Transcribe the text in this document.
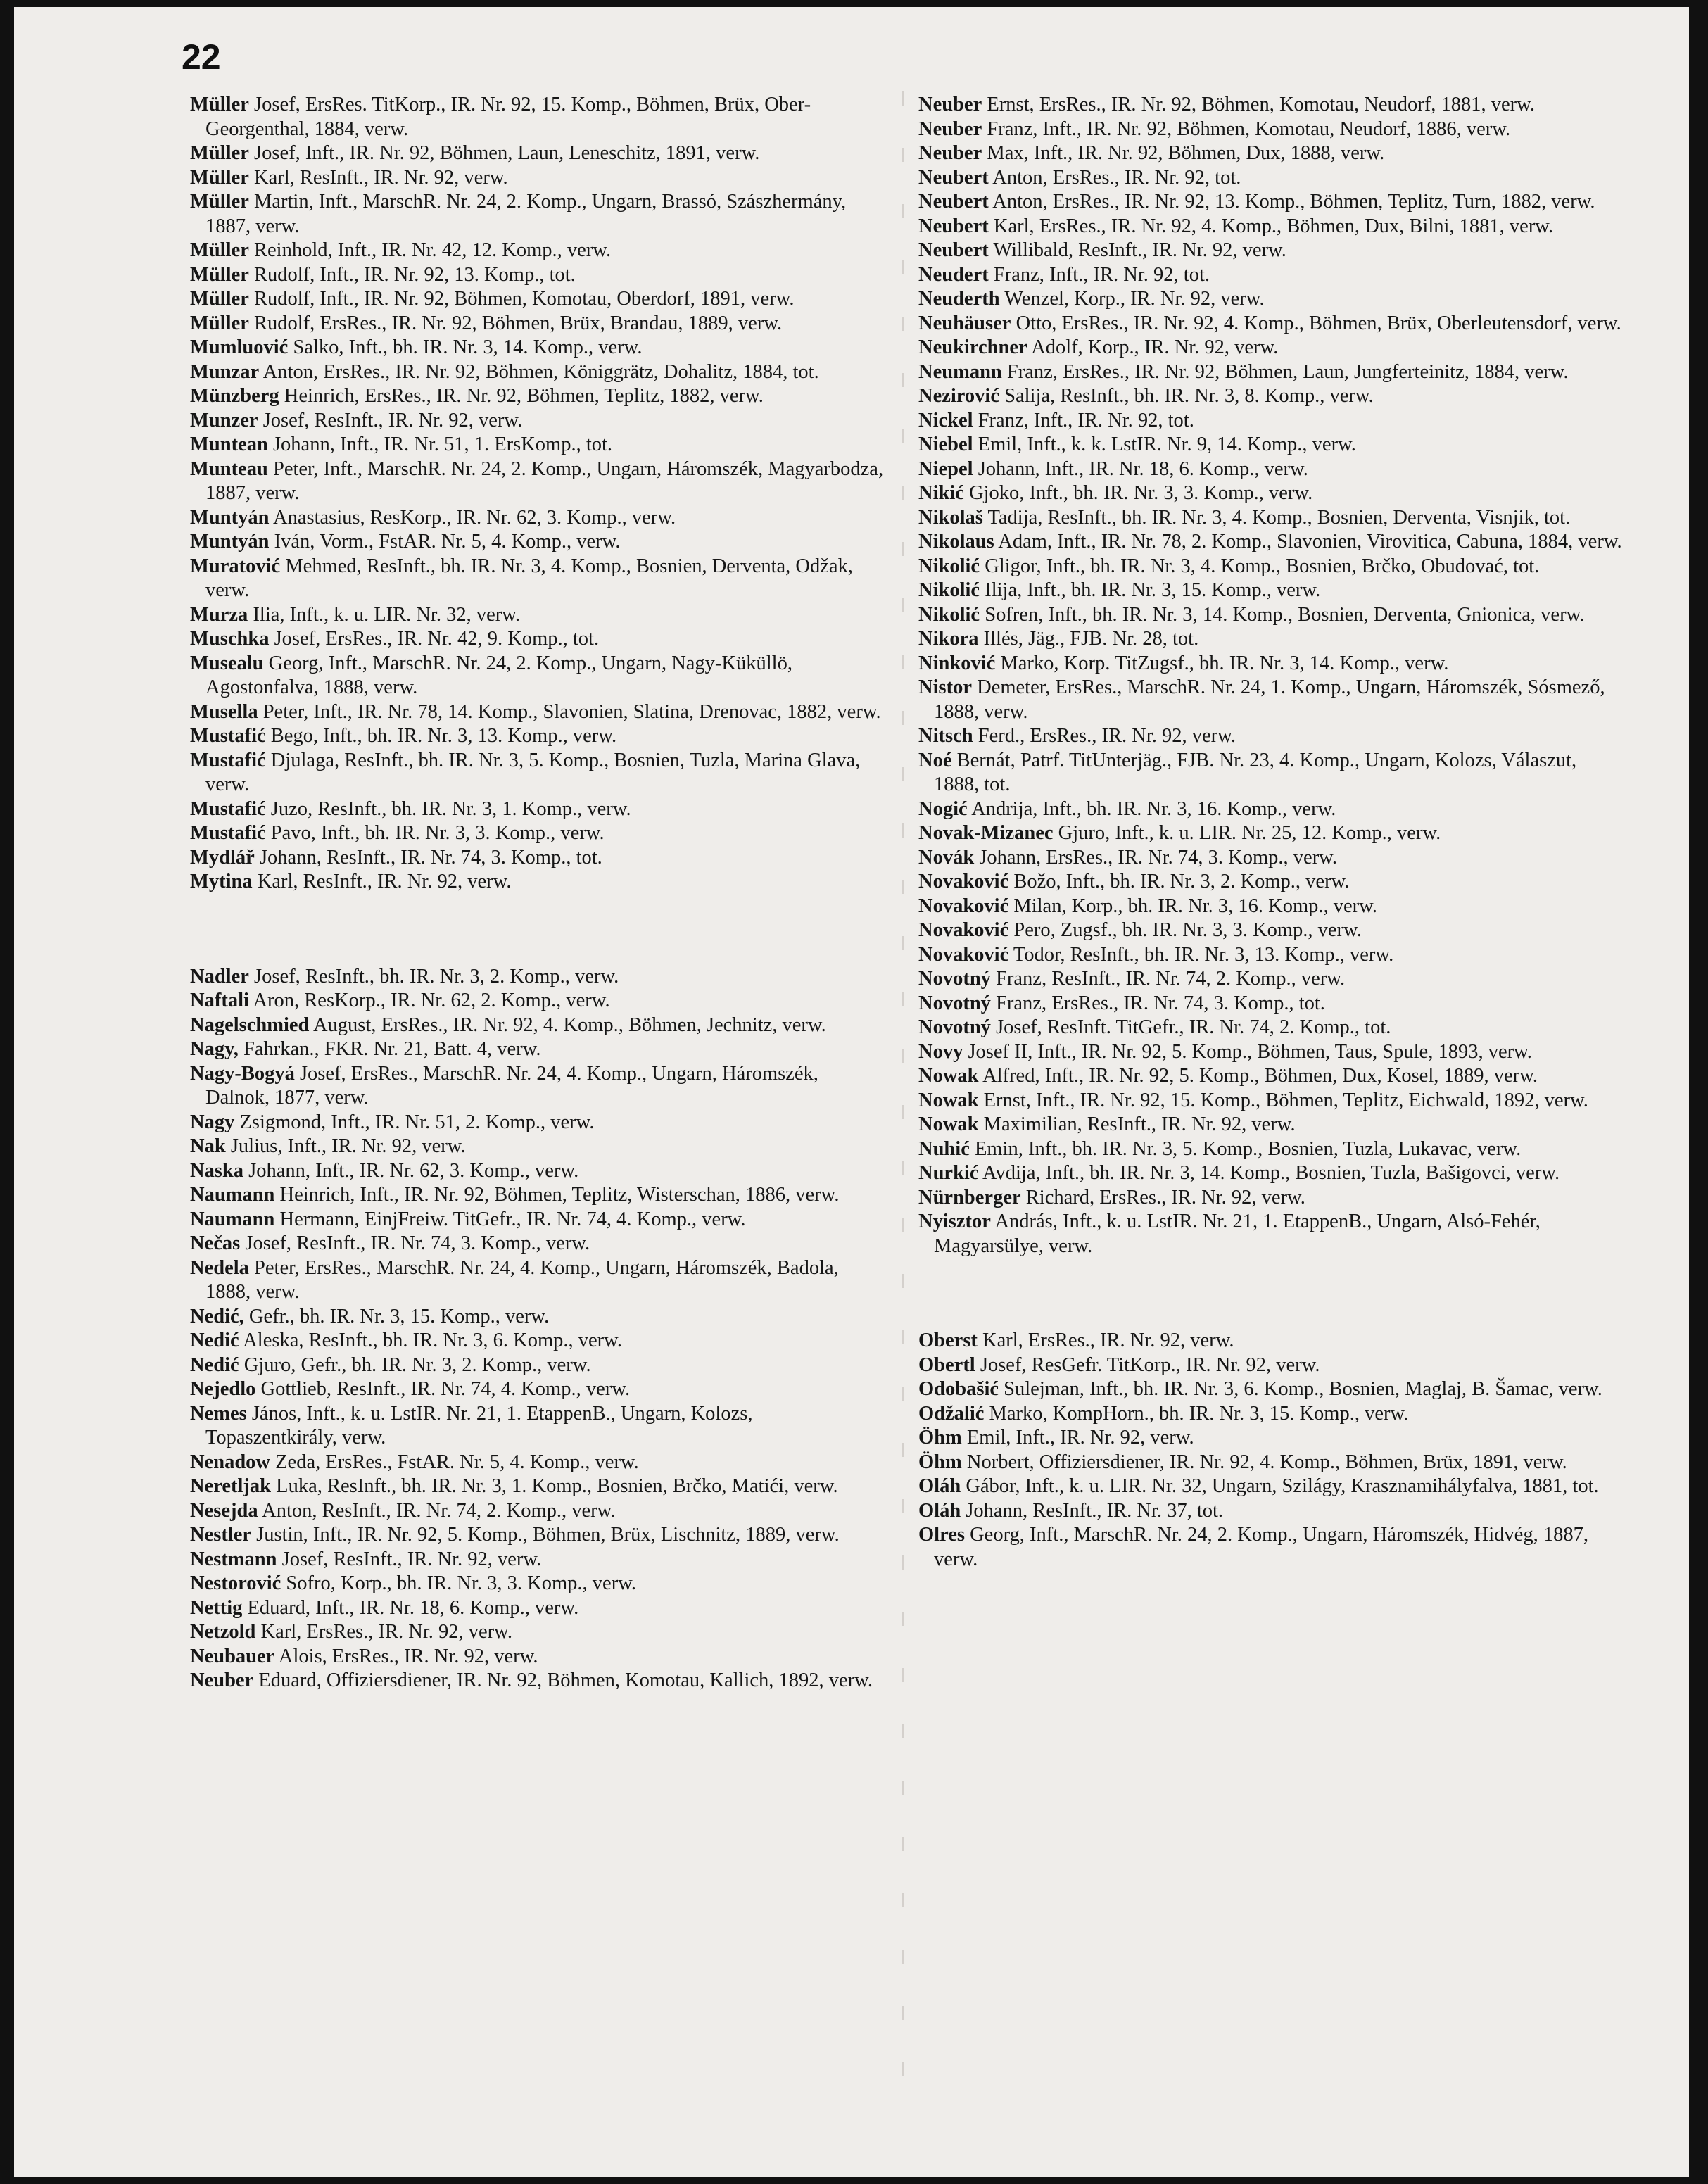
22

Müller Josef, ErsRes. TitKorp., IR. Nr. 92, 15. Komp., Böhmen, Brüx, Ober-Georgenthal, 1884, verw.

Müller Josef, Inft., IR. Nr. 92, Böhmen, Laun, Leneschitz, 1891, verw.

Müller Karl, ResInft., IR. Nr. 92, verw.

Müller Martin, Inft., MarschR. Nr. 24, 2. Komp., Ungarn, Brassó, Szászhermány, 1887, verw.

Müller Reinhold, Inft., IR. Nr. 42, 12. Komp., verw.

Müller Rudolf, Inft., IR. Nr. 92, 13. Komp., tot.

Müller Rudolf, Inft., IR. Nr. 92, Böhmen, Komotau, Oberdorf, 1891, verw.

Müller Rudolf, ErsRes., IR. Nr. 92, Böhmen, Brüx, Brandau, 1889, verw.

Mumluović Salko, Inft., bh. IR. Nr. 3, 14. Komp., verw.

Munzar Anton, ErsRes., IR. Nr. 92, Böhmen, Königgrätz, Dohalitz, 1884, tot.

Münzberg Heinrich, ErsRes., IR. Nr. 92, Böhmen, Teplitz, 1882, verw.

Munzer Josef, ResInft., IR. Nr. 92, verw.

Muntean Johann, Inft., IR. Nr. 51, 1. ErsKomp., tot.

Munteau Peter, Inft., MarschR. Nr. 24, 2. Komp., Ungarn, Háromszék, Magyarbodza, 1887, verw.

Muntyán Anastasius, ResKorp., IR. Nr. 62, 3. Komp., verw.

Muntyán Iván, Vorm., FstAR. Nr. 5, 4. Komp., verw.

Muratović Mehmed, ResInft., bh. IR. Nr. 3, 4. Komp., Bosnien, Derventa, Odžak, verw.

Murza Ilia, Inft., k. u. LIR. Nr. 32, verw.

Muschka Josef, ErsRes., IR. Nr. 42, 9. Komp., tot.

Musealu Georg, Inft., MarschR. Nr. 24, 2. Komp., Ungarn, Nagy-Küküllö, Agostonfalva, 1888, verw.

Musella Peter, Inft., IR. Nr. 78, 14. Komp., Slavonien, Slatina, Drenovac, 1882, verw.

Mustafić Bego, Inft., bh. IR. Nr. 3, 13. Komp., verw.

Mustafić Djulaga, ResInft., bh. IR. Nr. 3, 5. Komp., Bosnien, Tuzla, Marina Glava, verw.

Mustafić Juzo, ResInft., bh. IR. Nr. 3, 1. Komp., verw.

Mustafić Pavo, Inft., bh. IR. Nr. 3, 3. Komp., verw.

Mydlář Johann, ResInft., IR. Nr. 74, 3. Komp., tot.

Mytina Karl, ResInft., IR. Nr. 92, verw.

Nadler Josef, ResInft., bh. IR. Nr. 3, 2. Komp., verw.

Naftali Aron, ResKorp., IR. Nr. 62, 2. Komp., verw.

Nagelschmied August, ErsRes., IR. Nr. 92, 4. Komp., Böhmen, Jechnitz, verw.

Nagy, Fahrkan., FKR. Nr. 21, Batt. 4, verw.

Nagy-Bogyá Josef, ErsRes., MarschR. Nr. 24, 4. Komp., Ungarn, Háromszék, Dalnok, 1877, verw.

Nagy Zsigmond, Inft., IR. Nr. 51, 2. Komp., verw.

Nak Julius, Inft., IR. Nr. 92, verw.

Naska Johann, Inft., IR. Nr. 62, 3. Komp., verw.

Naumann Heinrich, Inft., IR. Nr. 92, Böhmen, Teplitz, Wisterschan, 1886, verw.

Naumann Hermann, EinjFreiw. TitGefr., IR. Nr. 74, 4. Komp., verw.

Nečas Josef, ResInft., IR. Nr. 74, 3. Komp., verw.

Nedela Peter, ErsRes., MarschR. Nr. 24, 4. Komp., Ungarn, Háromszék, Badola, 1888, verw.

Nedić, Gefr., bh. IR. Nr. 3, 15. Komp., verw.

Nedić Aleska, ResInft., bh. IR. Nr. 3, 6. Komp., verw.

Nedić Gjuro, Gefr., bh. IR. Nr. 3, 2. Komp., verw.

Nejedlo Gottlieb, ResInft., IR. Nr. 74, 4. Komp., verw.

Nemes János, Inft., k. u. LstIR. Nr. 21, 1. EtappenB., Ungarn, Kolozs, Topaszentkirály, verw.

Nenadow Zeda, ErsRes., FstAR. Nr. 5, 4. Komp., verw.

Neretljak Luka, ResInft., bh. IR. Nr. 3, 1. Komp., Bosnien, Brčko, Matići, verw.

Nesejda Anton, ResInft., IR. Nr. 74, 2. Komp., verw.

Nestler Justin, Inft., IR. Nr. 92, 5. Komp., Böhmen, Brüx, Lischnitz, 1889, verw.

Nestmann Josef, ResInft., IR. Nr. 92, verw.

Nestorović Sofro, Korp., bh. IR. Nr. 3, 3. Komp., verw.

Nettig Eduard, Inft., IR. Nr. 18, 6. Komp., verw.

Netzold Karl, ErsRes., IR. Nr. 92, verw.

Neubauer Alois, ErsRes., IR. Nr. 92, verw.

Neuber Eduard, Offiziersdiener, IR. Nr. 92, Böhmen, Komotau, Kallich, 1892, verw.

Neuber Ernst, ErsRes., IR. Nr. 92, Böhmen, Komotau, Neudorf, 1881, verw.

Neuber Franz, Inft., IR. Nr. 92, Böhmen, Komotau, Neudorf, 1886, verw.

Neuber Max, Inft., IR. Nr. 92, Böhmen, Dux, 1888, verw.

Neubert Anton, ErsRes., IR. Nr. 92, tot.

Neubert Anton, ErsRes., IR. Nr. 92, 13. Komp., Böhmen, Teplitz, Turn, 1882, verw.

Neubert Karl, ErsRes., IR. Nr. 92, 4. Komp., Böhmen, Dux, Bilni, 1881, verw.

Neubert Willibald, ResInft., IR. Nr. 92, verw.

Neudert Franz, Inft., IR. Nr. 92, tot.

Neuderth Wenzel, Korp., IR. Nr. 92, verw.

Neuhäuser Otto, ErsRes., IR. Nr. 92, 4. Komp., Böhmen, Brüx, Oberleutensdorf, verw.

Neukirchner Adolf, Korp., IR. Nr. 92, verw.

Neumann Franz, ErsRes., IR. Nr. 92, Böhmen, Laun, Jungferteinitz, 1884, verw.

Nezirović Salija, ResInft., bh. IR. Nr. 3, 8. Komp., verw.

Nickel Franz, Inft., IR. Nr. 92, tot.

Niebel Emil, Inft., k. k. LstIR. Nr. 9, 14. Komp., verw.

Niepel Johann, Inft., IR. Nr. 18, 6. Komp., verw.

Nikić Gjoko, Inft., bh. IR. Nr. 3, 3. Komp., verw.

Nikolaš Tadija, ResInft., bh. IR. Nr. 3, 4. Komp., Bosnien, Derventa, Visnjik, tot.

Nikolaus Adam, Inft., IR. Nr. 78, 2. Komp., Slavonien, Virovitica, Cabuna, 1884, verw.

Nikolić Gligor, Inft., bh. IR. Nr. 3, 4. Komp., Bosnien, Brčko, Obudovać, tot.

Nikolić Ilija, Inft., bh. IR. Nr. 3, 15. Komp., verw.

Nikolić Sofren, Inft., bh. IR. Nr. 3, 14. Komp., Bosnien, Derventa, Gnionica, verw.

Nikora Illés, Jäg., FJB. Nr. 28, tot.

Ninković Marko, Korp. TitZugsf., bh. IR. Nr. 3, 14. Komp., verw.

Nistor Demeter, ErsRes., MarschR. Nr. 24, 1. Komp., Ungarn, Háromszék, Sósmező, 1888, verw.

Nitsch Ferd., ErsRes., IR. Nr. 92, verw.

Noé Bernát, Patrf. TitUnterjäg., FJB. Nr. 23, 4. Komp., Ungarn, Kolozs, Válaszut, 1888, tot.

Nogić Andrija, Inft., bh. IR. Nr. 3, 16. Komp., verw.

Novak-Mizanec Gjuro, Inft., k. u. LIR. Nr. 25, 12. Komp., verw.

Novák Johann, ErsRes., IR. Nr. 74, 3. Komp., verw.

Novaković Božo, Inft., bh. IR. Nr. 3, 2. Komp., verw.

Novaković Milan, Korp., bh. IR. Nr. 3, 16. Komp., verw.

Novaković Pero, Zugsf., bh. IR. Nr. 3, 3. Komp., verw.

Novaković Todor, ResInft., bh. IR. Nr. 3, 13. Komp., verw.

Novotný Franz, ResInft., IR. Nr. 74, 2. Komp., verw.

Novotný Franz, ErsRes., IR. Nr. 74, 3. Komp., tot.

Novotný Josef, ResInft. TitGefr., IR. Nr. 74, 2. Komp., tot.

Novy Josef II, Inft., IR. Nr. 92, 5. Komp., Böhmen, Taus, Spule, 1893, verw.

Nowak Alfred, Inft., IR. Nr. 92, 5. Komp., Böhmen, Dux, Kosel, 1889, verw.

Nowak Ernst, Inft., IR. Nr. 92, 15. Komp., Böhmen, Teplitz, Eichwald, 1892, verw.

Nowak Maximilian, ResInft., IR. Nr. 92, verw.

Nuhić Emin, Inft., bh. IR. Nr. 3, 5. Komp., Bosnien, Tuzla, Lukavac, verw.

Nurkić Avdija, Inft., bh. IR. Nr. 3, 14. Komp., Bosnien, Tuzla, Bašigovci, verw.

Nürnberger Richard, ErsRes., IR. Nr. 92, verw.

Nyisztor András, Inft., k. u. LstIR. Nr. 21, 1. EtappenB., Ungarn, Alsó-Fehér, Magyarsülye, verw.

Oberst Karl, ErsRes., IR. Nr. 92, verw.

Obertl Josef, ResGefr. TitKorp., IR. Nr. 92, verw.

Odobašić Sulejman, Inft., bh. IR. Nr. 3, 6. Komp., Bosnien, Maglaj, B. Šamac, verw.

Odžalić Marko, KompHorn., bh. IR. Nr. 3, 15. Komp., verw.

Öhm Emil, Inft., IR. Nr. 92, verw.

Öhm Norbert, Offiziersdiener, IR. Nr. 92, 4. Komp., Böhmen, Brüx, 1891, verw.

Oláh Gábor, Inft., k. u. LIR. Nr. 32, Ungarn, Szilágy, Krasznamihályfalva, 1881, tot.

Oláh Johann, ResInft., IR. Nr. 37, tot.

Olres Georg, Inft., MarschR. Nr. 24, 2. Komp., Ungarn, Háromszék, Hidvég, 1887, verw.
